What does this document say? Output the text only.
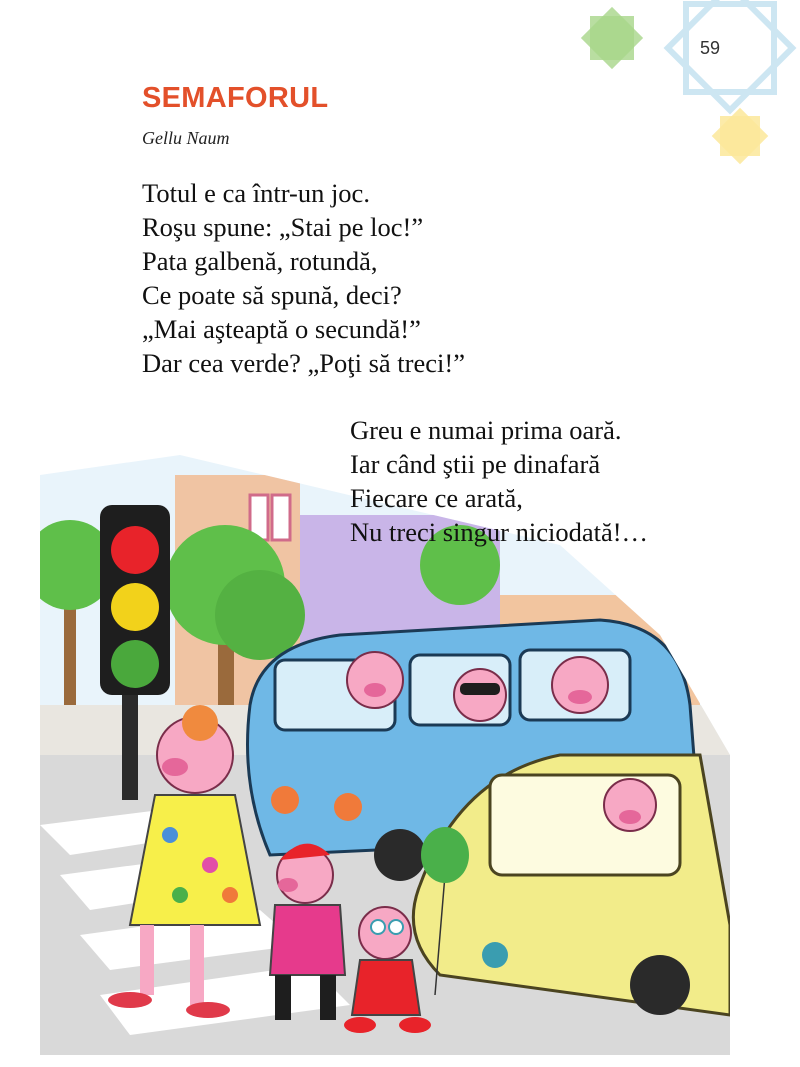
59
SEMAFORUL
Gellu Naum
Totul e ca într-un joc.
Roşu spune: „Stai pe loc!”
Pata galbenă, rotundă,
Ce poate să spună, deci?
„Mai aşteaptă o secundă!”
Dar cea verde? „Poţi să treci!”
Greu e numai prima oară.
Iar când ştii pe dinafară
Fiecare ce arată,
Nu treci singur niciodată!…
